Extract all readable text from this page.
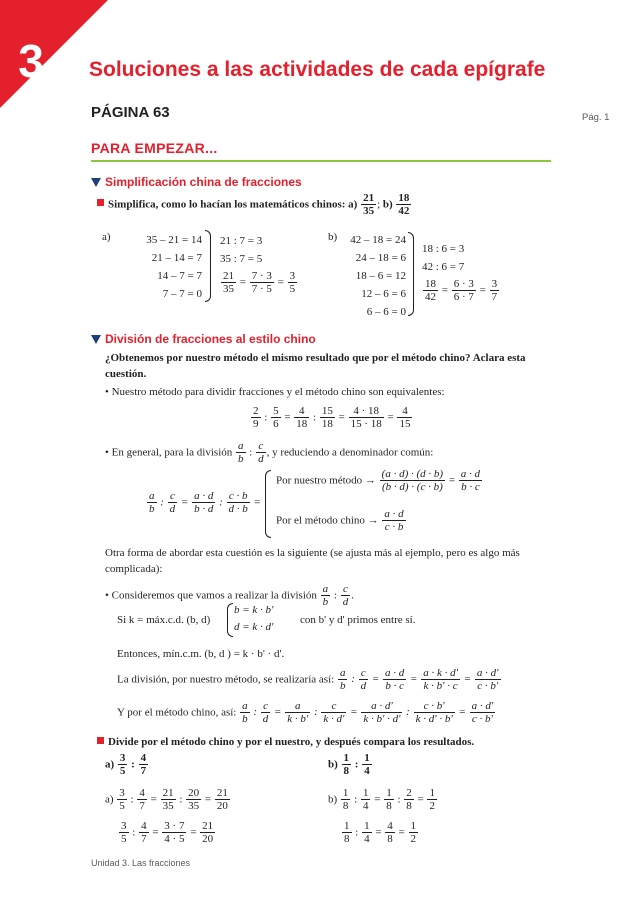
3	Soluciones a las actividades de cada epígrafe
PÁGINA 63	Pág. 1
PARA EMPEZAR...
Simplificación china de fracciones
Simplifica, como lo hacían los matemáticos chinos: $a) \frac{21}{35}$ ; $b) \frac{18}{42}$
a)	35 – 21 = 14
21 – 14 = 7
14 – 7 = 7
7 – 7 = 0
21 : 7 = 3
35 : 7 = 5
$\frac{21}{35} = \frac{7 \cdot 3}{7 \cdot 5} = \frac{3}{5}$
b)	42 – 18 = 24
24 – 18 = 6
18 – 6 = 12
12 – 6 = 6
6 – 6 = 0
18 : 6 = 3
42 : 6 = 7
$\frac{18}{42} = \frac{6 \cdot 3}{6 \cdot 7} = \frac{3}{7}$
División de fracciones al estilo chino
¿Obtenemos por nuestro método el mismo resultado que por el método chino? Aclara esta cuestión.
• Nuestro método para dividir fracciones y el método chino son equivalentes:
$\frac{2}{9}$ : $\frac{5}{6} = \frac{4}{18}$ : $\frac{15}{18} = \frac{4 \cdot 18}{15 \cdot 18} = \frac{4}{15}$
• En general, para la división $\frac{a}{b}$ : $\frac{c}{d}$ , y reduciendo a denominador común:
$\frac{a}{b}$ : $\frac{c}{d} = \frac{a \cdot d}{b \cdot d}$ : $\frac{c \cdot b}{d \cdot b}$ =
Por nuestro método → $\frac{(a \cdot d) \cdot (d \cdot b)}{(b \cdot d) \cdot (c \cdot b)} = \frac{a \cdot d}{b \cdot c}$
Por el método chino → $\frac{a \cdot d}{c \cdot b}$
Otra forma de abordar esta cuestión es la siguiente (se ajusta más al ejemplo, pero es algo más complicada):
• Consideremos que vamos a realizar la división $\frac{a}{b}$ : $\frac{c}{d}$ .
Si k = máx.c.d. (b, d)
b = k · b'
d = k · d'
con b' y d' primos entre sí.
Entonces, mín.c.m. (b, d ) = k · b' · d'.
La división, por nuestro método, se realizaría así: $\frac{a}{b}$ : $\frac{c}{d} = \frac{a \cdot d}{b \cdot c} = \frac{a \cdot k \cdot d'}{k \cdot b' \cdot c} = \frac{a \cdot d'}{c \cdot b'}$
Y por el método chino, así: $\frac{a}{b}$ : $\frac{c}{d} = \frac{a}{k \cdot b'}$ : $\frac{c}{k \cdot d'} = \frac{a \cdot d'}{k \cdot b' \cdot d'}$ : $\frac{c \cdot b'}{k \cdot d' \cdot b'} = \frac{a \cdot d'}{c \cdot b'}$
Divide por el método chino y por el nuestro, y después compara los resultados.
$a) \frac{3}{5}$ : $\frac{4}{7}$	$b) \frac{1}{8}$ : $\frac{1}{4}$
$a) \frac{3}{5}$ : $\frac{4}{7} = \frac{21}{35}$ : $\frac{20}{35} = \frac{21}{20}$
$\frac{3}{5}$ : $\frac{4}{7} = \frac{3 \cdot 7}{4 \cdot 5} = \frac{21}{20}$
$b) \frac{1}{8}$ : $\frac{1}{4} = \frac{1}{8}$ : $\frac{2}{8} = \frac{1}{2}$
$\frac{1}{8}$ : $\frac{1}{4} = \frac{4}{8} = \frac{1}{2}$
Unidad 3. Las fracciones
